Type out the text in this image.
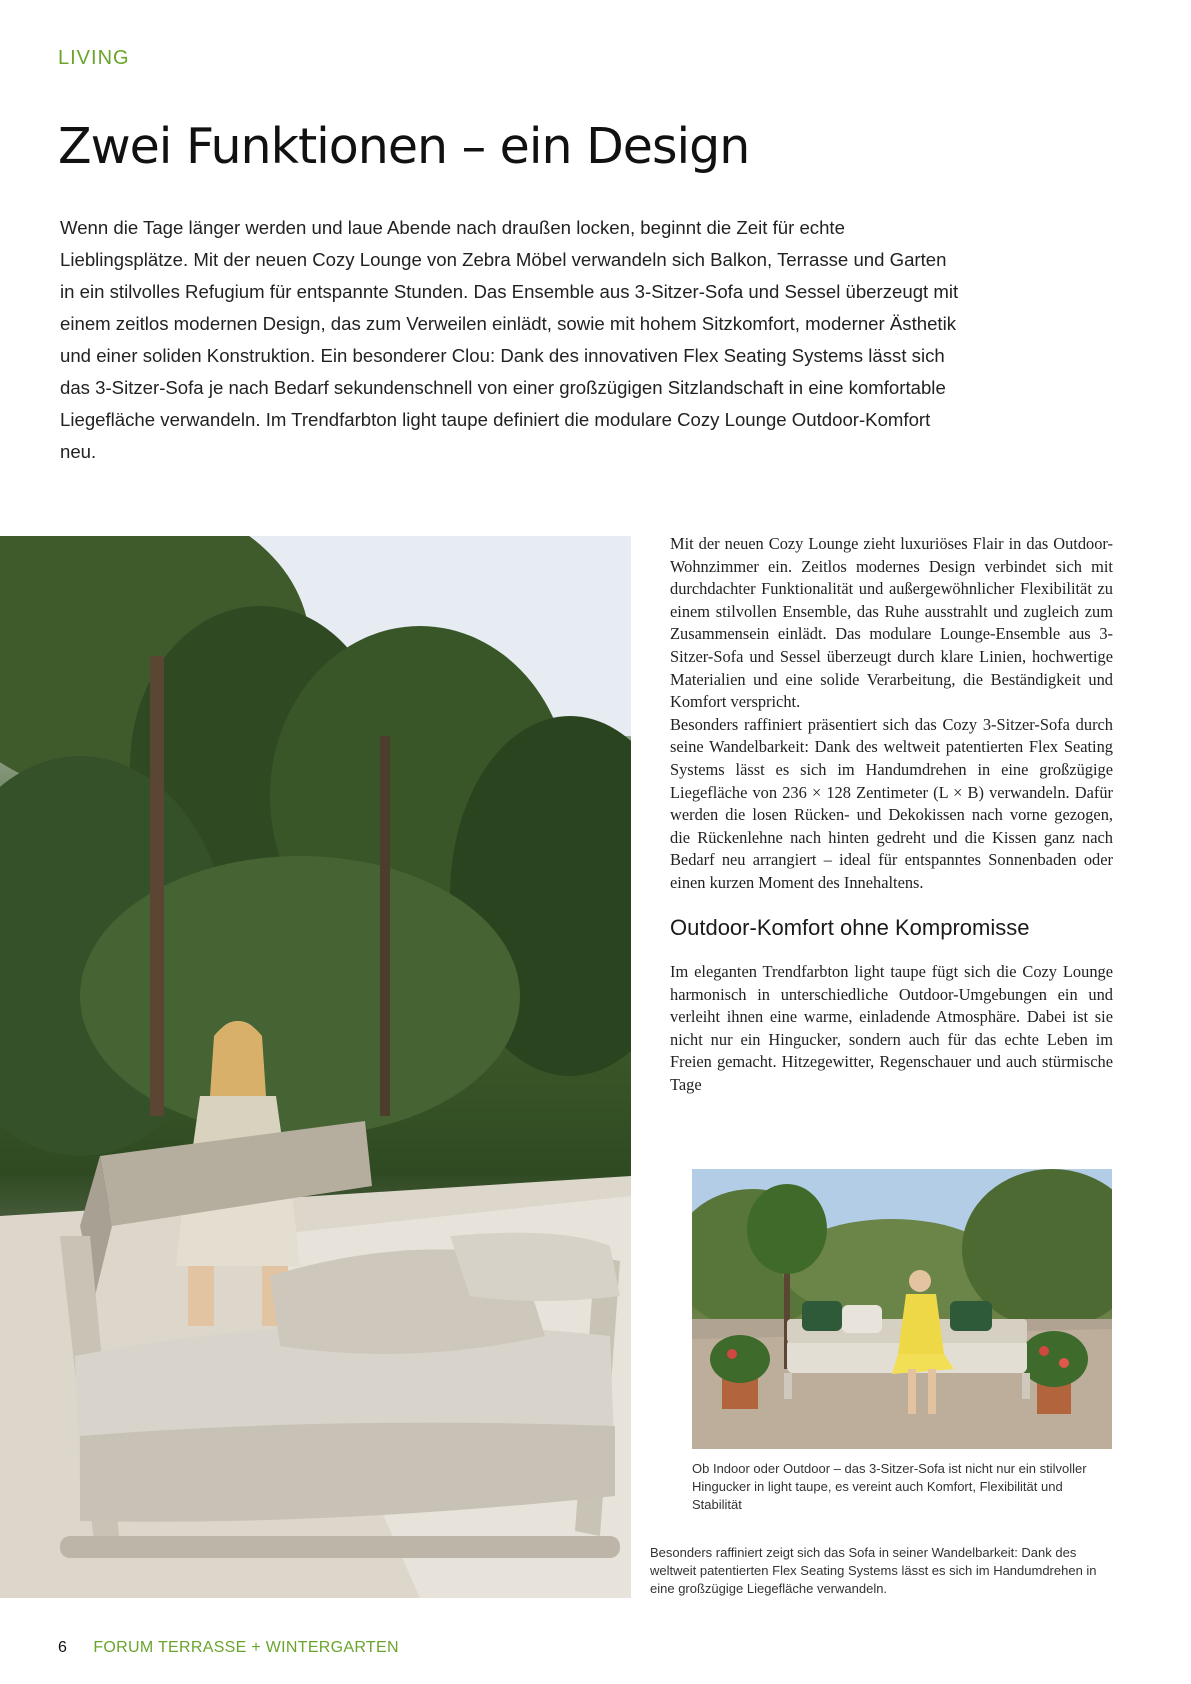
LIVING
Zwei Funktionen – ein Design

Wenn die Tage länger werden und laue Abende nach draußen locken, beginnt die Zeit für echte Lieblingsplätze. Mit der neuen Cozy Lounge von Zebra Möbel verwandeln sich Balkon, Terrasse und Garten in ein stilvolles Refugium für entspannte Stunden. Das Ensemble aus 3-Sitzer-Sofa und Sessel überzeugt mit einem zeitlos modernen Design, das zum Verweilen einlädt, sowie mit hohem Sitzkomfort, moderner Ästhetik und einer soliden Konstruktion. Ein besonderer Clou: Dank des innovativen Flex Seating Systems lässt sich das 3-Sitzer-Sofa je nach Bedarf sekundenschnell von einer großzügigen Sitzlandschaft in eine komfortable Liegefläche verwandeln. Im Trendfarbton light taupe definiert die modulare Cozy Lounge Outdoor-Komfort neu.

Mit der neuen Cozy Lounge zieht luxuriöses Flair in das Outdoor-Wohnzimmer ein. Zeitlos modernes Design verbindet sich mit durchdachter Funktionalität und außergewöhnlicher Flexibilität zu einem stilvollen Ensemble, das Ruhe ausstrahlt und zugleich zum Zusammensein einlädt. Das modulare Lounge-Ensemble aus 3-Sitzer-Sofa und Sessel überzeugt durch klare Linien, hochwertige Materialien und eine solide Verarbeitung, die Beständigkeit und Komfort verspricht.

Besonders raffiniert präsentiert sich das Cozy 3-Sitzer-Sofa durch seine Wandelbarkeit: Dank des weltweit patentierten Flex Seating Systems lässt es sich im Handumdrehen in eine großzügige Liegefläche von 236 × 128 Zentimeter (L × B) verwandeln. Dafür werden die losen Rücken- und Dekokissen nach vorne gezogen, die Rückenlehne nach hinten gedreht und die Kissen ganz nach Bedarf neu arrangiert – ideal für entspanntes Sonnenbaden oder einen kurzen Moment des Innehaltens.

Outdoor-Komfort ohne Kompromisse

Im eleganten Trendfarbton light taupe fügt sich die Cozy Lounge harmonisch in unterschiedliche Outdoor-Umgebungen ein und verleiht ihnen eine warme, einladende Atmosphäre. Dabei ist sie nicht nur ein Hingucker, sondern auch für das echte Leben im Freien gemacht. Hitzegewitter, Regenschauer und auch stürmische Tage

Ob Indoor oder Outdoor – das 3-Sitzer-Sofa ist nicht nur ein stilvoller Hingucker in light taupe, es vereint auch Komfort, Flexibilität und Stabilität

Besonders raffiniert zeigt sich das Sofa in seiner Wandelbarkeit: Dank des weltweit patentierten Flex Seating Systems lässt es sich im Handumdrehen in eine großzügige Liegefläche verwandeln.

6 FORUM TERRASSE + WINTERGARTEN
